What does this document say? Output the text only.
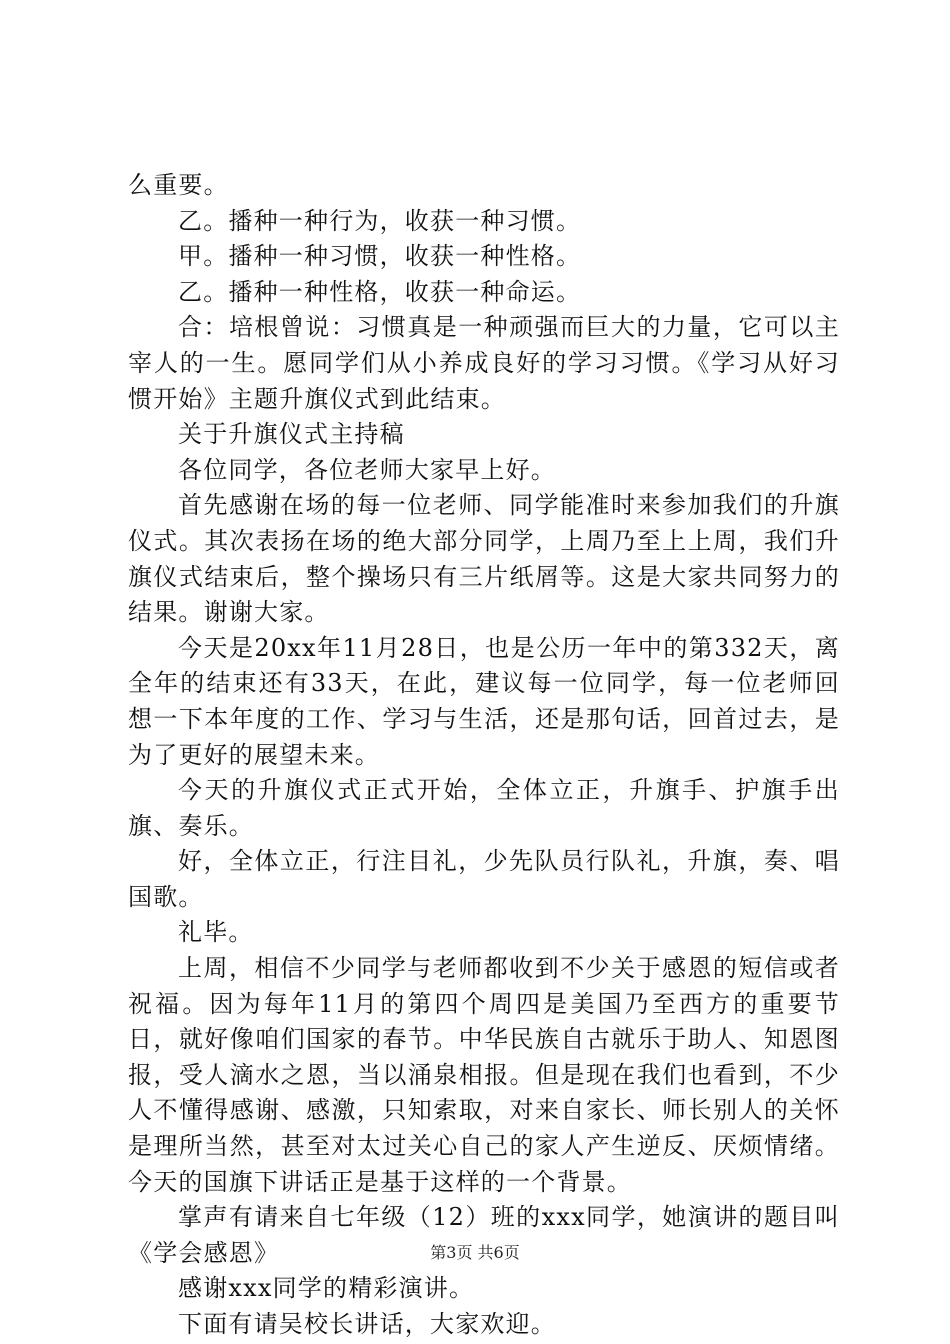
么重要。

乙。播种一种行为，收获一种习惯。

甲。播种一种习惯，收获一种性格。

乙。播种一种性格，收获一种命运。

合：培根曾说：习惯真是一种顽强而巨大的力量，它可以主宰人的一生。愿同学们从小养成良好的学习习惯。《学习从好习惯开始》主题升旗仪式到此结束。

关于升旗仪式主持稿

各位同学，各位老师大家早上好。

首先感谢在场的每一位老师、同学能准时来参加我们的升旗仪式。其次表扬在场的绝大部分同学，上周乃至上上周，我们升旗仪式结束后，整个操场只有三片纸屑等。这是大家共同努力的结果。谢谢大家。

今天是20xx年11月28日，也是公历一年中的第332天，离全年的结束还有33天，在此，建议每一位同学，每一位老师回想一下本年度的工作、学习与生活，还是那句话，回首过去，是为了更好的展望未来。

今天的升旗仪式正式开始，全体立正，升旗手、护旗手出旗、奏乐。

好，全体立正，行注目礼，少先队员行队礼，升旗，奏、唱国歌。

礼毕。

上周，相信不少同学与老师都收到不少关于感恩的短信或者祝福。因为每年11月的第四个周四是美国乃至西方的重要节日，就好像咱们国家的春节。中华民族自古就乐于助人、知恩图报，受人滴水之恩，当以涌泉相报。但是现在我们也看到，不少人不懂得感谢、感激，只知索取，对来自家长、师长别人的关怀是理所当然，甚至对太过关心自己的家人产生逆反、厌烦情绪。今天的国旗下讲话正是基于这样的一个背景。

掌声有请来自七年级（12）班的xxx同学，她演讲的题目叫《学会感恩》

感谢xxx同学的精彩演讲。

下面有请吴校长讲话，大家欢迎。

第3页 共6页
